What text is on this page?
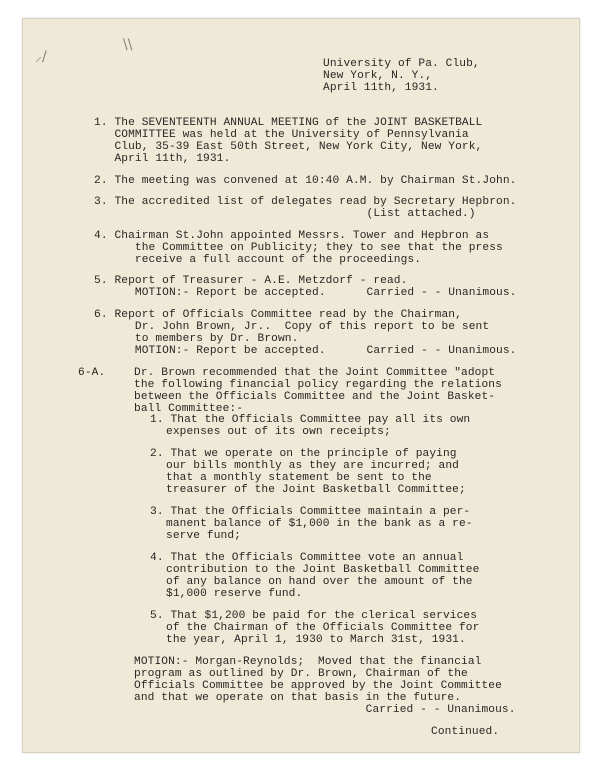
⸝/
\\
University of Pa. Club,
New York, N. Y.,
April 11th, 1931.
1. The SEVENTEENTH ANNUAL MEETING of the JOINT BASKETBALL
COMMITTEE was held at the University of Pennsylvania
Club, 35-39 East 50th Street, New York City, New York,
April 11th, 1931.
2. The meeting was convened at 10:40 A.M. by Chairman St.John.
3. The accredited list of delegates read by Secretary Hepbron.
(List attached.)
4. Chairman St.John appointed Messrs. Tower and Hepbron as
the Committee on Publicity; they to see that the press
receive a full account of the proceedings.
5. Report of Treasurer - A.E. Metzdorf - read.
MOTION:- Report be accepted.      Carried - - Unanimous.
6. Report of Officials Committee read by the Chairman,
Dr. John Brown, Jr..  Copy of this report to be sent
to members by Dr. Brown.
MOTION:- Report be accepted.      Carried - - Unanimous.
6-A.	Dr. Brown recommended that the Joint Committee "adopt
the following financial policy regarding the relations
between the Officials Committee and the Joint Basket-
ball Committee:-
1. That the Officials Committee pay all its own
expenses out of its own receipts;
2. That we operate on the principle of paying
our bills monthly as they are incurred; and
that a monthly statement be sent to the
treasurer of the Joint Basketball Committee;
3. That the Officials Committee maintain a per-
manent balance of $1,000 in the bank as a re-
serve fund;
4. That the Officials Committee vote an annual
contribution to the Joint Basketball Committee
of any balance on hand over the amount of the
$1,000 reserve fund.
5. That $1,200 be paid for the clerical services
of the Chairman of the Officials Committee for
the year, April 1, 1930 to March 31st, 1931.
MOTION:- Morgan-Reynolds;  Moved that the financial
program as outlined by Dr. Brown, Chairman of the
Officials Committee be approved by the Joint Committee
and that we operate on that basis in the future.
Carried - - Unanimous.
Continued.
